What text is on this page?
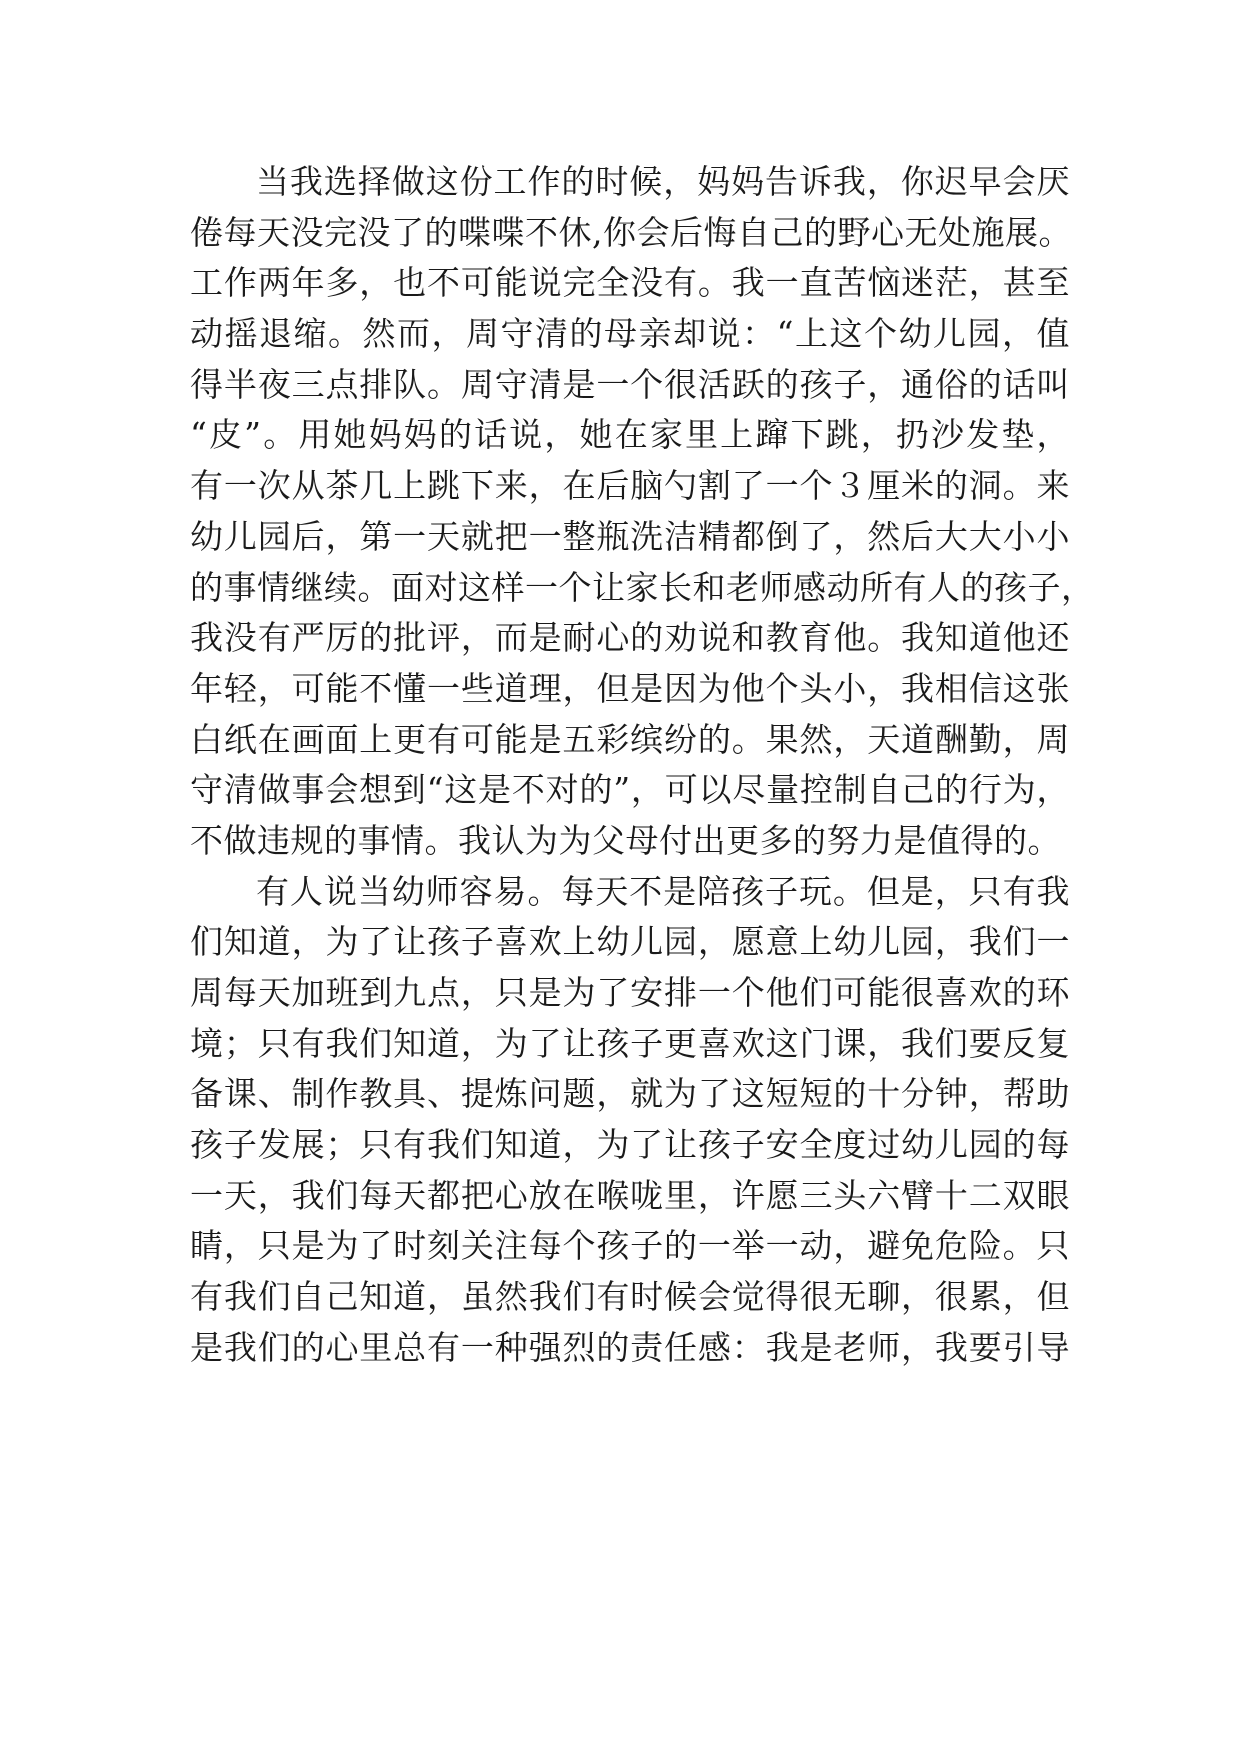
当我选择做这份工作的时候，妈妈告诉我，你迟早会厌
倦每天没完没了的喋喋不休,你会后悔自己的野心无处施展。
工作两年多，也不可能说完全没有。我一直苦恼迷茫，甚至
动摇退缩。然而，周守清的母亲却说：“上这个幼儿园，值
得半夜三点排队。周守清是一个很活跃的孩子，通俗的话叫
“皮”。用她妈妈的话说，她在家里上蹿下跳，扔沙发垫，
有一次从茶几上跳下来，在后脑勺割了一个３厘米的洞。来
幼儿园后，第一天就把一整瓶洗洁精都倒了，然后大大小小
的事情继续。面对这样一个让家长和老师感动所有人的孩子，
我没有严厉的批评，而是耐心的劝说和教育他。我知道他还
年轻，可能不懂一些道理，但是因为他个头小，我相信这张
白纸在画面上更有可能是五彩缤纷的。果然，天道酬勤，周
守清做事会想到“这是不对的”，可以尽量控制自己的行为，
不做违规的事情。我认为为父母付出更多的努力是值得的。
有人说当幼师容易。每天不是陪孩子玩。但是，只有我
们知道，为了让孩子喜欢上幼儿园，愿意上幼儿园，我们一
周每天加班到九点，只是为了安排一个他们可能很喜欢的环
境；只有我们知道，为了让孩子更喜欢这门课，我们要反复
备课、制作教具、提炼问题，就为了这短短的十分钟，帮助
孩子发展；只有我们知道，为了让孩子安全度过幼儿园的每
一天，我们每天都把心放在喉咙里，许愿三头六臂十二双眼
睛，只是为了时刻关注每个孩子的一举一动，避免危险。只
有我们自己知道，虽然我们有时候会觉得很无聊，很累，但
是我们的心里总有一种强烈的责任感：我是老师，我要引导
